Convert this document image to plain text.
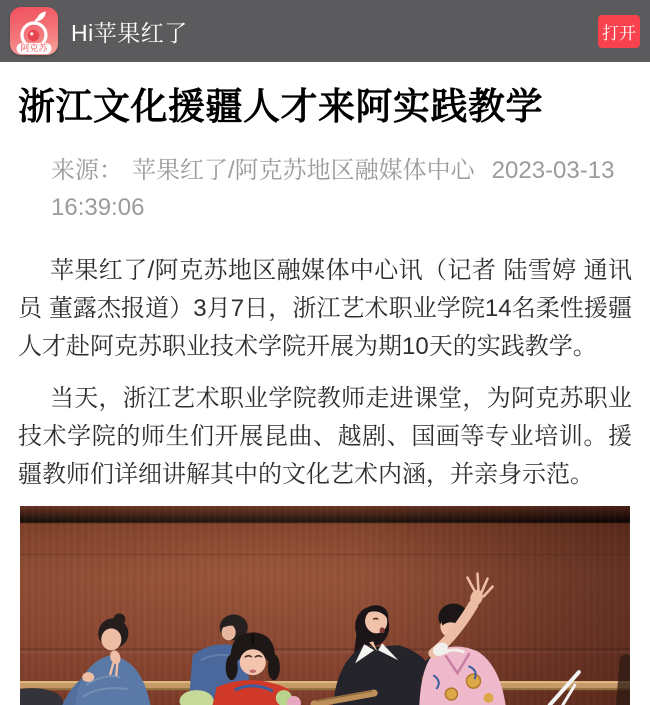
阿克苏
Hi苹果红了	打开
浙江文化援疆人才来阿实践教学
来源： 苹果红了/阿克苏地区融媒体中心 2023-03-13 16:39:06

苹果红了/阿克苏地区融媒体中心讯（记者 陆雪婷 通讯员 董露杰报道）3月7日，浙江艺术职业学院14名柔性援疆人才赴阿克苏职业技术学院开展为期10天的实践教学。

当天，浙江艺术职业学院教师走进课堂，为阿克苏职业技术学院的师生们开展昆曲、越剧、国画等专业培训。援疆教师们详细讲解其中的文化艺术内涵，并亲身示范。
